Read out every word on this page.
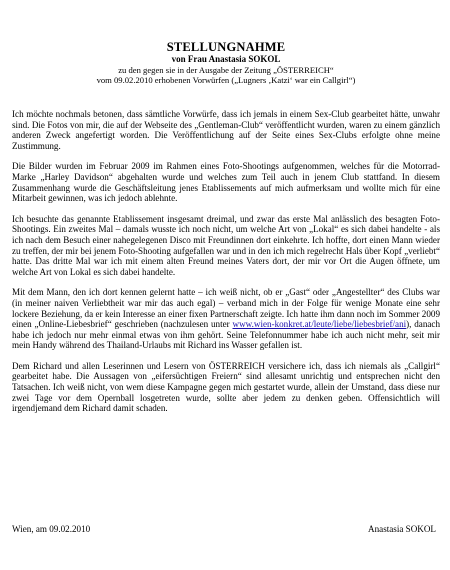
STELLUNGNAHME
von Frau Anastasia SOKOL
zu den gegen sie in der Ausgabe der Zeitung „ÖSTERREICH“
vom 09.02.2010 erhobenen Vorwürfen („Lugners ‚Katzi‘ war ein Callgirl“)

Ich möchte nochmals betonen, dass sämtliche Vorwürfe, dass ich jemals in einem Sex-Club gearbeitet hätte, unwahr sind. Die Fotos von mir, die auf der Webseite des „Gentleman-Club“ veröffentlicht wurden, waren zu einem gänzlich anderen Zweck angefertigt worden. Die Veröffentlichung auf der Seite eines Sex-Clubs erfolgte ohne meine Zustimmung.

Die Bilder wurden im Februar 2009 im Rahmen eines Foto-Shootings aufgenommen, welches für die Motorrad-Marke „Harley Davidson“ abgehalten wurde und welches zum Teil auch in jenem Club stattfand. In diesem Zusammenhang wurde die Geschäftsleitung jenes Etablissements auf mich aufmerksam und wollte mich für eine Mitarbeit gewinnen, was ich jedoch ablehnte.

Ich besuchte das genannte Etablissement insgesamt dreimal, und zwar das erste Mal anlässlich des besagten Foto-Shootings. Ein zweites Mal – damals wusste ich noch nicht, um welche Art von „Lokal“ es sich dabei handelte - als ich nach dem Besuch einer nahegelegenen Disco mit Freundinnen dort einkehrte. Ich hoffte, dort einen Mann wieder zu treffen, der mir bei jenem Foto-Shooting aufgefallen war und in den ich mich regelrecht Hals über Kopf „verliebt“ hatte. Das dritte Mal war ich mit einem alten Freund meines Vaters dort, der mir vor Ort die Augen öffnete, um welche Art von Lokal es sich dabei handelte.

Mit dem Mann, den ich dort kennen gelernt hatte – ich weiß nicht, ob er „Gast“ oder „Angestellter“ des Clubs war (in meiner naiven Verliebtheit war mir das auch egal) – verband mich in der Folge für wenige Monate eine sehr lockere Beziehung, da er kein Interesse an einer fixen Partnerschaft zeigte. Ich hatte ihm dann noch im Sommer 2009 einen „Online-Liebesbrief“ geschrieben (nachzulesen unter www.wien-konkret.at/leute/liebe/liebesbrief/ani), danach habe ich jedoch nur mehr einmal etwas von ihm gehört. Seine Telefonnummer habe ich auch nicht mehr, seit mir mein Handy während des Thailand-Urlaubs mit Richard ins Wasser gefallen ist.

Dem Richard und allen Leserinnen und Lesern von ÖSTERREICH versichere ich, dass ich niemals als „Callgirl“ gearbeitet habe. Die Aussagen von „eifersüchtigen Freiern“ sind allesamt unrichtig und entsprechen nicht den Tatsachen. Ich weiß nicht, von wem diese Kampagne gegen mich gestartet wurde, allein der Umstand, dass diese nur zwei Tage vor dem Opernball losgetreten wurde, sollte aber jedem zu denken geben. Offensichtlich will irgendjemand dem Richard damit schaden.

Wien, am 09.02.2010	Anastasia SOKOL
